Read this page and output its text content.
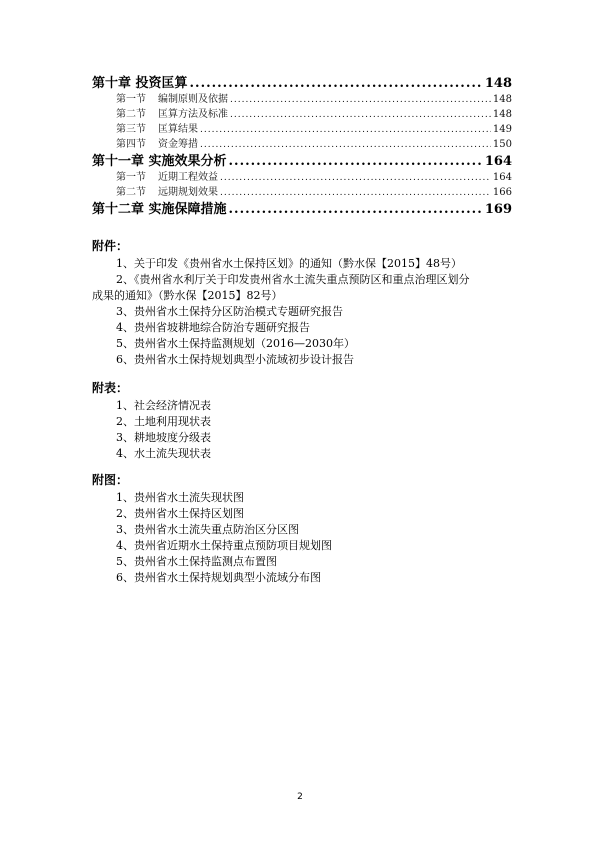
第十章 投资匡算 .....	148
第一节	编制原则及依据 .....	148
第二节	匡算方法及标准 .....	148
第三节	匡算结果 .....	149
第四节	资金筹措 .....	150
第十一章 实施效果分析 .....	164
第一节	近期工程效益 .....	164
第二节	远期规划效果 .....	166
第十二章 实施保障措施 .....	169
附件：
1、关于印发《贵州省水土保持区划》的通知（黔水保【2015】48号）
2、《贵州省水利厅关于印发贵州省水土流失重点预防区和重点治理区划分
成果的通知》（黔水保【2015】82号）
3、贵州省水土保持分区防治模式专题研究报告
4、贵州省坡耕地综合防治专题研究报告
5、贵州省水土保持监测规划（2016—2030年）
6、贵州省水土保持规划典型小流域初步设计报告
附表：
1、社会经济情况表
2、土地利用现状表
3、耕地坡度分级表
4、水土流失现状表
附图：
1、贵州省水土流失现状图
2、贵州省水土保持区划图
3、贵州省水土流失重点防治区分区图
4、贵州省近期水土保持重点预防项目规划图
5、贵州省水土保持监测点布置图
6、贵州省水土保持规划典型小流域分布图
2
